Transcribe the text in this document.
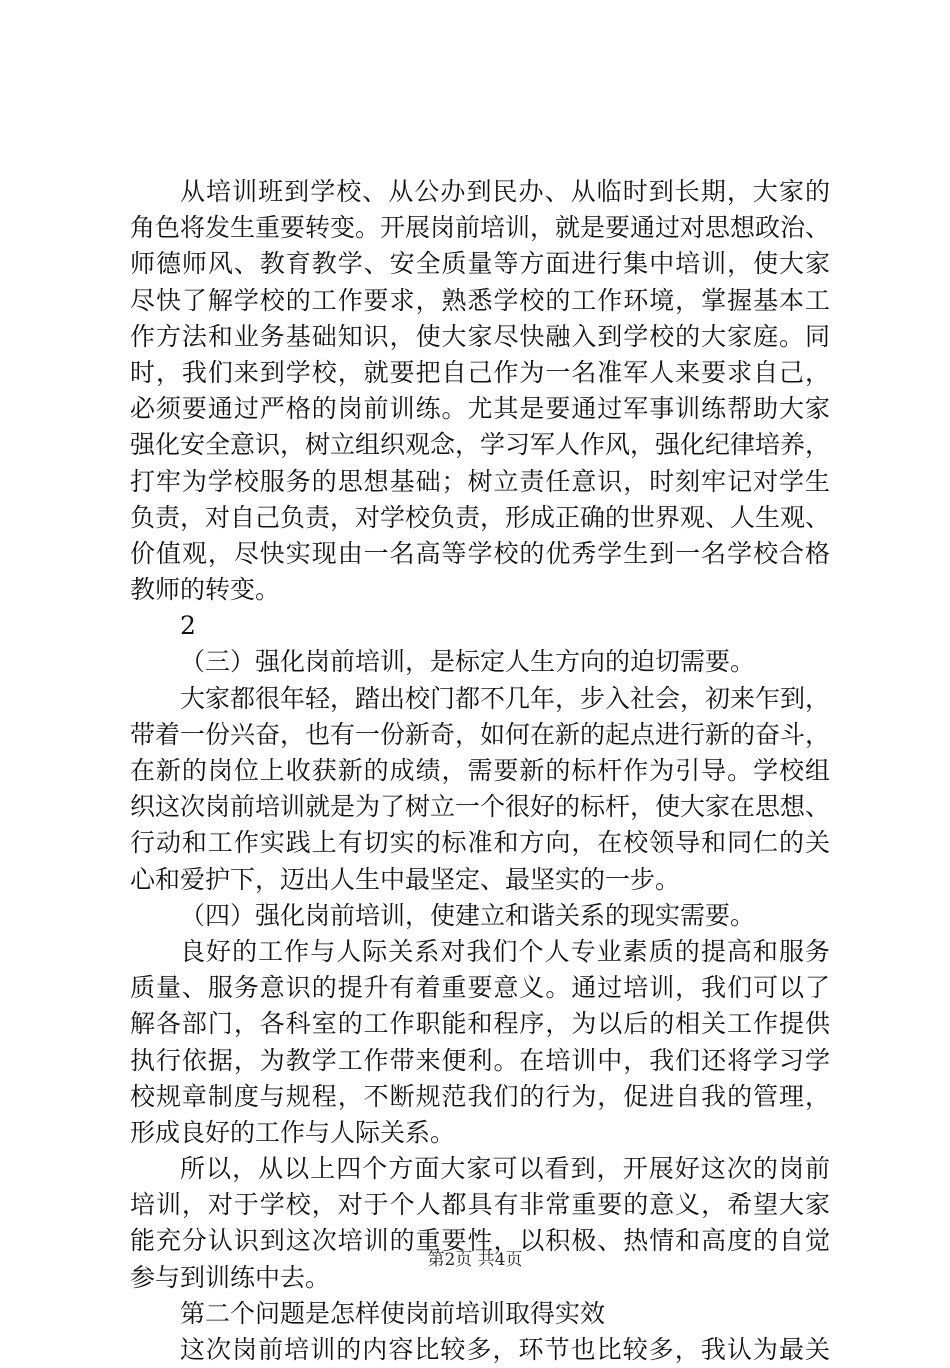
从培训班到学校、从公办到民办、从临时到长期，大家的
角色将发生重要转变。开展岗前培训，就是要通过对思想政治、
师德师风、教育教学、安全质量等方面进行集中培训，使大家
尽快了解学校的工作要求，熟悉学校的工作环境，掌握基本工
作方法和业务基础知识，使大家尽快融入到学校的大家庭。同
时，我们来到学校，就要把自己作为一名准军人来要求自己，
必须要通过严格的岗前训练。尤其是要通过军事训练帮助大家
强化安全意识，树立组织观念，学习军人作风，强化纪律培养，
打牢为学校服务的思想基础；树立责任意识，时刻牢记对学生
负责，对自己负责，对学校负责，形成正确的世界观、人生观、
价值观，尽快实现由一名高等学校的优秀学生到一名学校合格
教师的转变。
2
（三）强化岗前培训，是标定人生方向的迫切需要。
大家都很年轻，踏出校门都不几年，步入社会，初来乍到，
带着一份兴奋，也有一份新奇，如何在新的起点进行新的奋斗，
在新的岗位上收获新的成绩，需要新的标杆作为引导。学校组
织这次岗前培训就是为了树立一个很好的标杆，使大家在思想、
行动和工作实践上有切实的标准和方向，在校领导和同仁的关
心和爱护下，迈出人生中最坚定、最坚实的一步。
（四）强化岗前培训，使建立和谐关系的现实需要。
良好的工作与人际关系对我们个人专业素质的提高和服务
质量、服务意识的提升有着重要意义。通过培训，我们可以了
解各部门，各科室的工作职能和程序，为以后的相关工作提供
执行依据，为教学工作带来便利。在培训中，我们还将学习学
校规章制度与规程，不断规范我们的行为，促进自我的管理，
形成良好的工作与人际关系。
所以，从以上四个方面大家可以看到，开展好这次的岗前
培训，对于学校，对于个人都具有非常重要的意义，希望大家
能充分认识到这次培训的重要性，以积极、热情和高度的自觉
参与到训练中去。
第二个问题是怎样使岗前培训取得实效
这次岗前培训的内容比较多，环节也比较多，我认为最关
第2页 共4页
